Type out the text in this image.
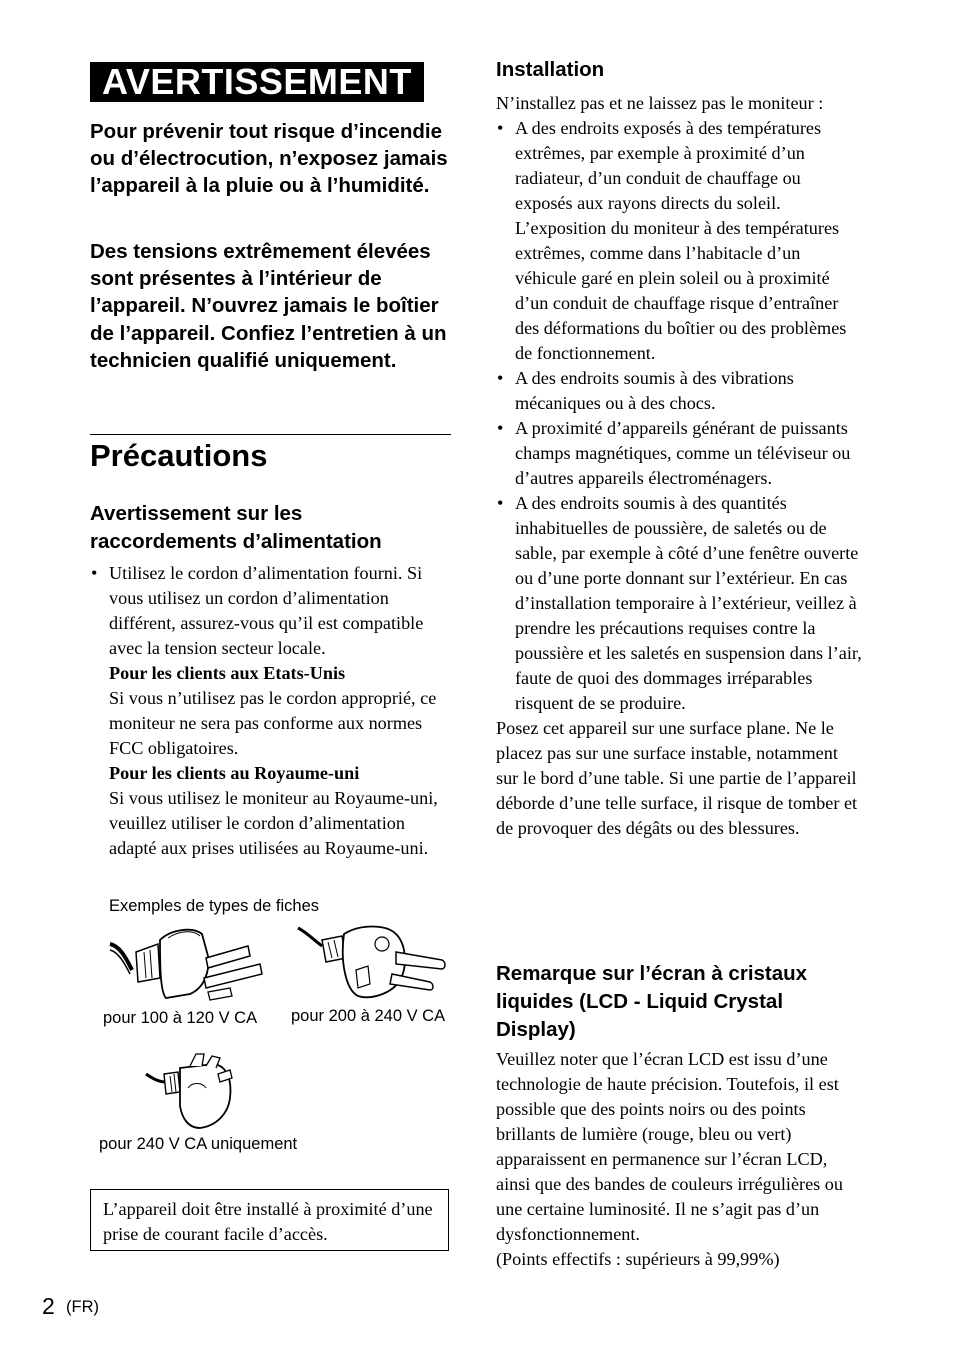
AVERTISSEMENT
Pour prévenir tout risque d’incendie ou d’électrocution, n’exposez jamais l’appareil à la pluie ou à l’humidité.
Des tensions extrêmement élevées sont présentes à l’intérieur de l’appareil. N’ouvrez jamais le boîtier de l’appareil. Confiez l’entretien à un technicien qualifié uniquement.
Précautions
Avertissement sur les raccordements d’alimentation
• Utilisez le cordon d’alimentation fourni. Si vous utilisez un cordon d’alimentation différent, assurez-vous qu’il est compatible avec la tension secteur locale.
Pour les clients aux Etats-Unis
Si vous n’utilisez pas le cordon approprié, ce moniteur ne sera pas conforme aux normes FCC obligatoires.
Pour les clients au Royaume-uni
Si vous utilisez le moniteur au Royaume-uni, veuillez utiliser le cordon d’alimentation adapté aux prises utilisées au Royaume-uni.
Exemples de types de fiches
pour 100 à 120 V CA pour 200 à 240 V CA
pour 240 V CA uniquement

L’appareil doit être installé à proximité d’une prise de courant facile d’accès.

Installation
N’installez pas et ne laissez pas le moniteur :
• A des endroits exposés à des températures extrêmes, par exemple à proximité d’un radiateur, d’un conduit de chauffage ou exposés aux rayons directs du soleil. L’exposition du moniteur à des températures extrêmes, comme dans l’habitacle d’un véhicule garé en plein soleil ou à proximité d’un conduit de chauffage risque d’entraîner des déformations du boîtier ou des problèmes de fonctionnement.
• A des endroits soumis à des vibrations mécaniques ou à des chocs.
• A proximité d’appareils générant de puissants champs magnétiques, comme un téléviseur ou d’autres appareils électroménagers.
• A des endroits soumis à des quantités inhabituelles de poussière, de saletés ou de sable, par exemple à côté d’une fenêtre ouverte ou d’une porte donnant sur l’extérieur. En cas d’installation temporaire à l’extérieur, veillez à prendre les précautions requises contre la poussière et les saletés en suspension dans l’air, faute de quoi des dommages irréparables risquent de se produire.
Posez cet appareil sur une surface plane. Ne le placez pas sur une surface instable, notamment sur le bord d’une table. Si une partie de l’appareil déborde d’une telle surface, il risque de tomber et de provoquer des dégâts ou des blessures.
Remarque sur l’écran à cristaux liquides (LCD - Liquid Crystal Display)
Veuillez noter que l’écran LCD est issu d’une technologie de haute précision. Toutefois, il est possible que des points noirs ou des points brillants de lumière (rouge, bleu ou vert) apparaissent en permanence sur l’écran LCD, ainsi que des bandes de couleurs irrégulières ou une certaine luminosité. Il ne s’agit pas d’un dysfonctionnement.
(Points effectifs : supérieurs à 99,99%)
2 (FR)
